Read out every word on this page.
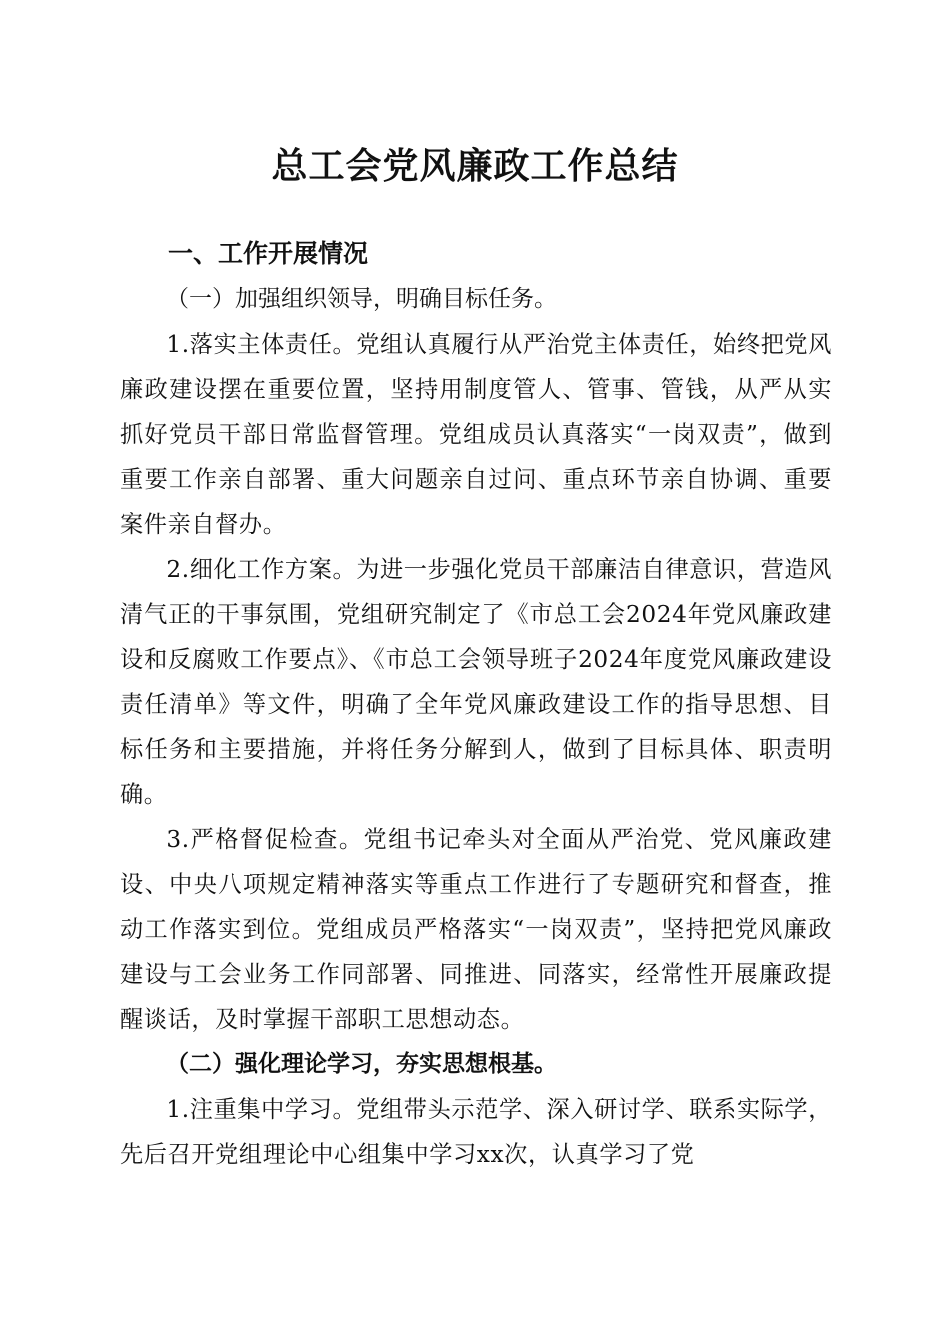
总工会党风廉政工作总结
一、工作开展情况

（一）加强组织领导，明确目标任务。

1.落实主体责任。党组认真履行从严治党主体责任，始终把党风廉政建设摆在重要位置，坚持用制度管人、管事、管钱，从严从实抓好党员干部日常监督管理。党组成员认真落实“一岗双责”，做到重要工作亲自部署、重大问题亲自过问、重点环节亲自协调、重要案件亲自督办。

2.细化工作方案。为进一步强化党员干部廉洁自律意识，营造风清气正的干事氛围，党组研究制定了《市总工会2024年党风廉政建设和反腐败工作要点》、《市总工会领导班子2024年度党风廉政建设责任清单》等文件，明确了全年党风廉政建设工作的指导思想、目标任务和主要措施，并将任务分解到人，做到了目标具体、职责明确。

3.严格督促检查。党组书记牵头对全面从严治党、党风廉政建设、中央八项规定精神落实等重点工作进行了专题研究和督查，推动工作落实到位。党组成员严格落实“一岗双责”，坚持把党风廉政建设与工会业务工作同部署、同推进、同落实，经常性开展廉政提醒谈话，及时掌握干部职工思想动态。

（二）强化理论学习，夯实思想根基。

1.注重集中学习。党组带头示范学、深入研讨学、联系实际学，先后召开党组理论中心组集中学习xx次，认真学习了党
